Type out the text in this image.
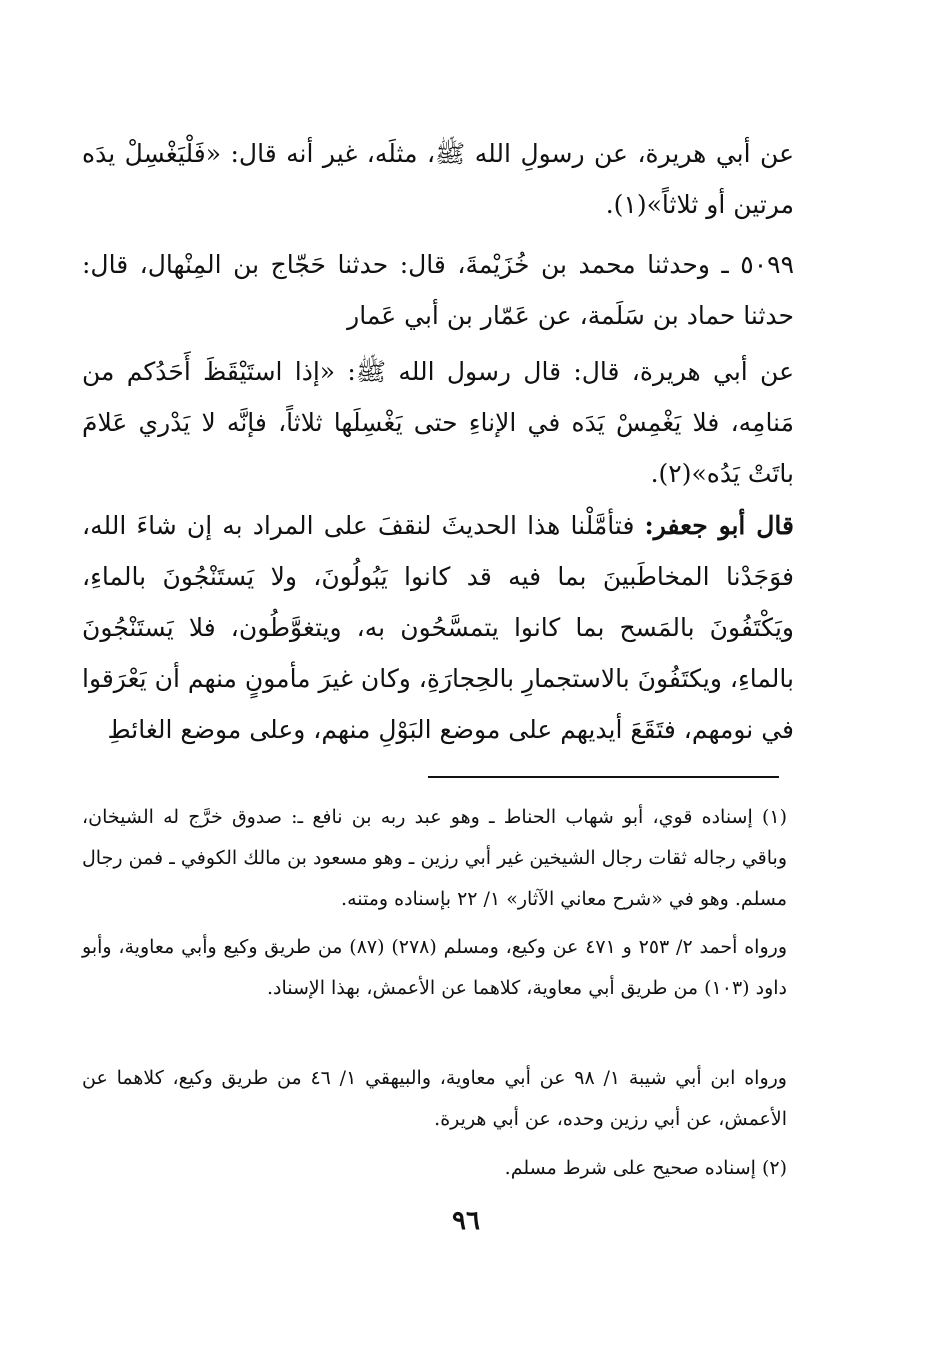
عن أبي هريرة، عن رسولِ الله ﷺ، مثلَه، غير أنه قال: «فَلْيَغْسِلْ يدَه مرتين أو ثلاثاً»(١).

٥٠٩٩ ـ وحدثنا محمد بن خُزَيْمةَ، قال: حدثنا حَجّاج بن المِنْهال، قال: حدثنا حماد بن سَلَمة، عن عَمّار بن أبي عَمار

عن أبي هريرة، قال: قال رسول الله ﷺ: «إذا استَيْقَظَ أَحَدُكم من مَنامِه، فلا يَغْمِسْ يَدَه في الإناءِ حتى يَغْسِلَها ثلاثاً، فإنَّه لا يَدْري عَلامَ باتَتْ يَدُه»(٢).

قال أبو جعفر: فتأمَّلْنا هذا الحديثَ لنقفَ على المراد به إن شاءَ الله، فوَجَدْنا المخاطَبينَ بما فيه قد كانوا يَبُولُونَ، ولا يَستَنْجُونَ بالماءِ، ويَكْتَفُونَ بالمَسح بما كانوا يتمسَّحُون به، ويتغوَّطُون، فلا يَستَنْجُونَ بالماءِ، ويكتَفُونَ بالاستجمارِ بالحِجارَةِ، وكان غيرَ مأمونٍ منهم أن يَعْرَقوا في نومهم، فتَقَعَ أيديهم على موضع البَوْلِ منهم، وعلى موضع الغائطِ

(١) إسناده قوي، أبو شهاب الحناط ـ وهو عبد ربه بن نافع ـ: صدوق خرَّج له الشيخان، وباقي رجاله ثقات رجال الشيخين غير أبي رزين ـ وهو مسعود بن مالك الكوفي ـ فمن رجال مسلم. وهو في «شرح معاني الآثار» ١/ ٢٢ بإسناده ومتنه.

ورواه أحمد ٢/ ٢٥٣ و ٤٧١ عن وكيع، ومسلم (٢٧٨) (٨٧) من طريق وكيع وأبي معاوية، وأبو داود (١٠٣) من طريق أبي معاوية، كلاهما عن الأعمش، بهذا الإسناد.

ورواه ابن أبي شيبة ١/ ٩٨ عن أبي معاوية، والبيهقي ١/ ٤٦ من طريق وكيع، كلاهما عن الأعمش، عن أبي رزين وحده، عن أبي هريرة.

(٢) إسناده صحيح على شرط مسلم.

٩٦
